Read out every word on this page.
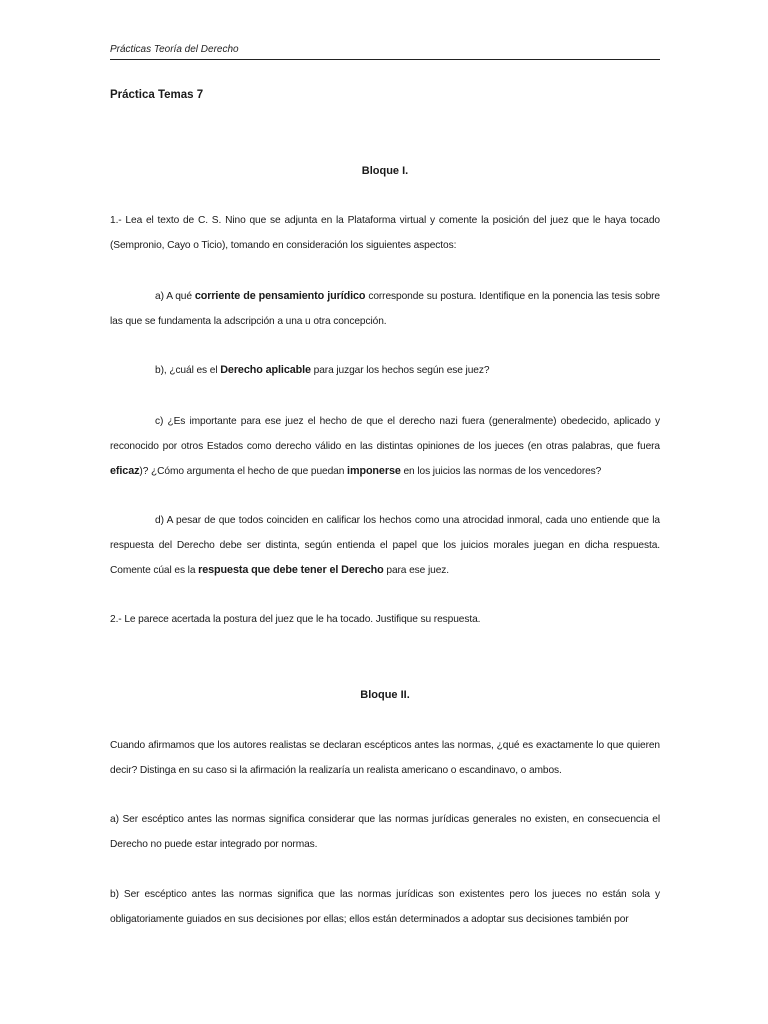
Prácticas Teoría del Derecho
Práctica Temas 7
Bloque I.

1.- Lea el texto de C. S. Nino que se adjunta en la Plataforma virtual y comente la posición del juez que le haya tocado (Sempronio, Cayo o Ticio), tomando en consideración los siguientes aspectos:

a) A qué corriente de pensamiento jurídico corresponde su postura. Identifique en la ponencia las tesis sobre las que se fundamenta la adscripción a una u otra concepción.

b), ¿cuál es el Derecho aplicable para juzgar los hechos según ese juez?

c) ¿Es importante para ese juez el hecho de que el derecho nazi fuera (generalmente) obedecido, aplicado y reconocido por otros Estados como derecho válido en las distintas opiniones de los jueces (en otras palabras, que fuera eficaz)? ¿Cómo argumenta el hecho de que puedan imponerse en los juicios las normas de los vencedores?

d) A pesar de que todos coinciden en calificar los hechos como una atrocidad inmoral, cada uno entiende que la respuesta del Derecho debe ser distinta, según entienda el papel que los juicios morales juegan en dicha respuesta. Comente cúal es la respuesta que debe tener el Derecho para ese juez.

2.- Le parece acertada la postura del juez que le ha tocado. Justifique su respuesta.

Bloque II.

Cuando afirmamos que los autores realistas se declaran escépticos antes las normas, ¿qué es exactamente lo que quieren decir? Distinga en su caso si la afirmación la realizaría un realista americano o escandinavo, o ambos.

a) Ser escéptico antes las normas significa considerar que las normas jurídicas generales no existen, en consecuencia el Derecho no puede estar integrado por normas.

b) Ser escéptico antes las normas significa que las normas jurídicas son existentes pero los jueces no están sola y obligatoriamente guiados en sus decisiones por ellas; ellos están determinados a adoptar sus decisiones también por
